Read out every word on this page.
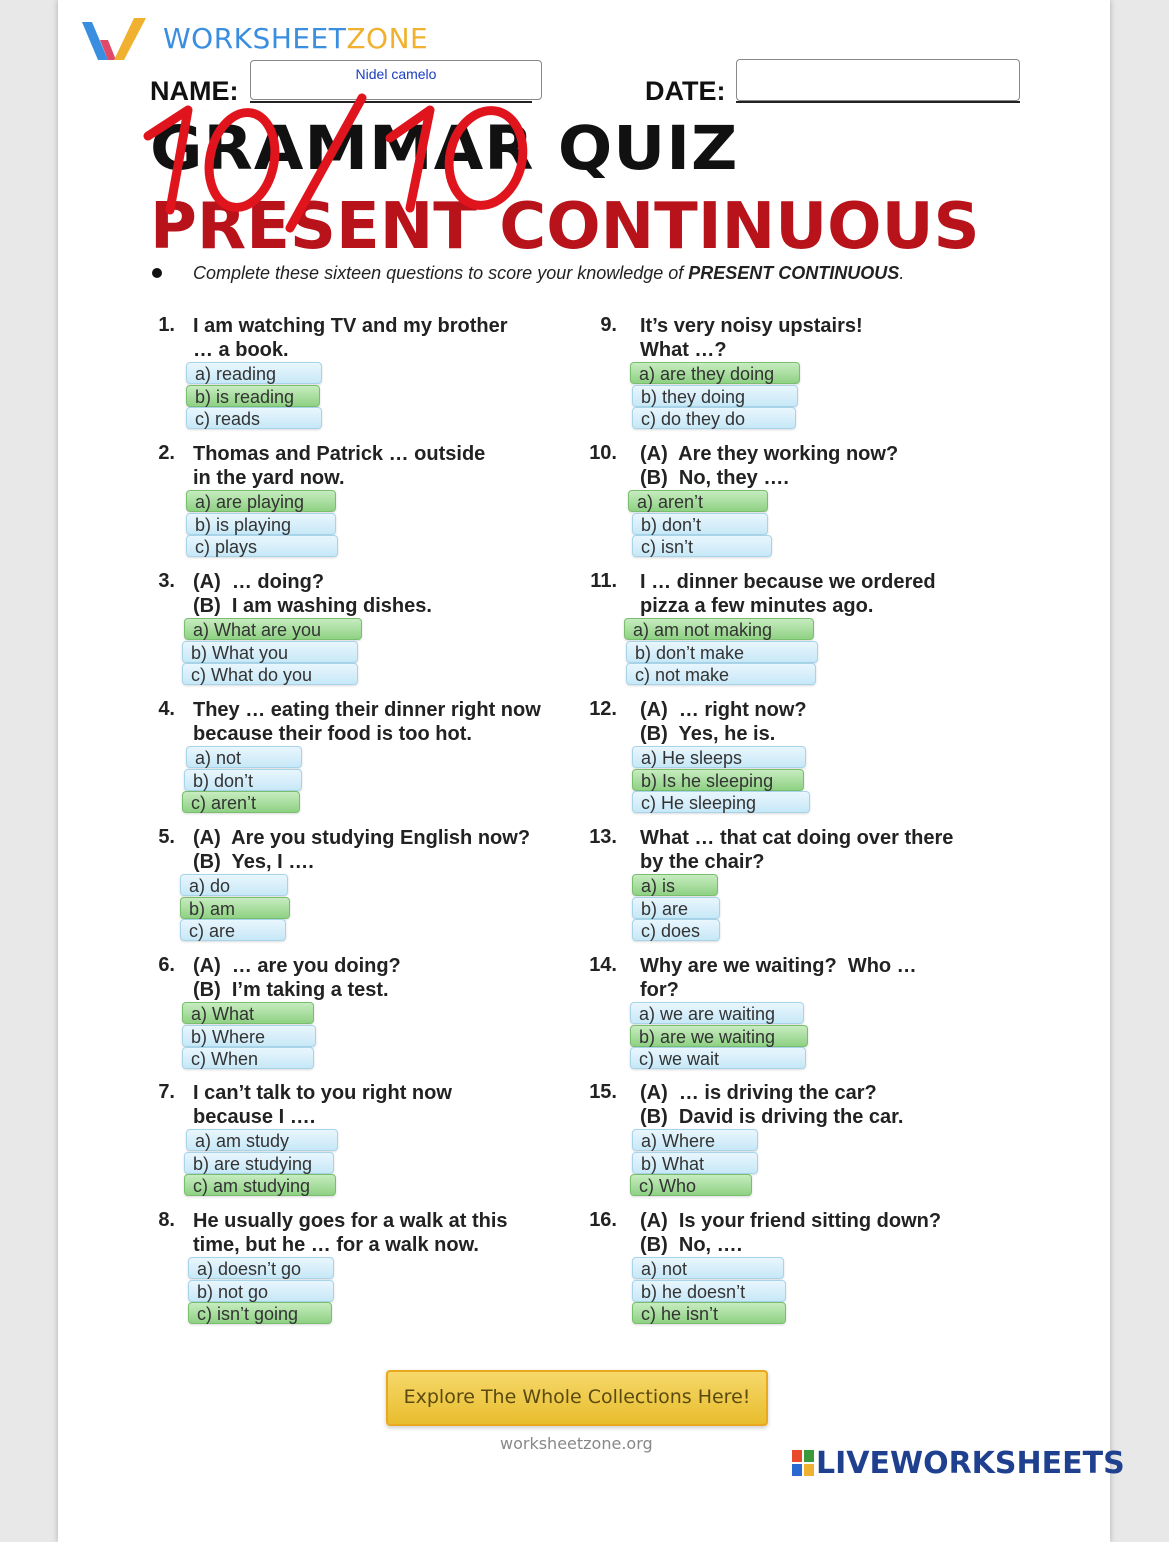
WORKSHEETZONE
NAME:
Nidel camelo
DATE:
GRAMMAR QUIZ
PRESENT CONTINUOUS
Complete these sixteen questions to score your knowledge of PRESENT CONTINUOUS.
1. I am watching TV and my brother
… a book.
a) reading
b) is reading
c) reads
2. Thomas and Patrick … outside
in the yard now.
a) are playing
b) is playing
c) plays
3. (A)  … doing?
(B)  I am washing dishes.
a) What are you
b) What you
c) What do you
4. They … eating their dinner right now
because their food is too hot.
a) not
b) don’t
c) aren’t
5. (A)  Are you studying English now?
(B)  Yes, I ….
a) do
b) am
c) are
6. (A)  … are you doing?
(B)  I’m taking a test.
a) What
b) Where
c) When
7. I can’t talk to you right now
because I ….
a) am study
b) are studying
c) am studying
8. He usually goes for a walk at this
time, but he … for a walk now.
a) doesn’t go
b) not go
c) isn’t going
9. It’s very noisy upstairs!
What …?
a) are they doing
b) they doing
c) do they do
10. (A)  Are they working now?
(B)  No, they ….
a) aren’t
b) don’t
c) isn’t
11. I … dinner because we ordered
pizza a few minutes ago.
a) am not making
b) don’t make
c) not make
12. (A)  … right now?
(B)  Yes, he is.
a) He sleeps
b) Is he sleeping
c) He sleeping
13. What … that cat doing over there
by the chair?
a) is
b) are
c) does
14. Why are we waiting?  Who …
for?
a) we are waiting
b) are we waiting
c) we wait
15. (A)  … is driving the car?
(B)  David is driving the car.
a) Where
b) What
c) Who
16. (A)  Is your friend sitting down?
(B)  No, ….
a) not
b) he doesn’t
c) he isn’t
Explore The Whole Collections Here!
worksheetzone.org
LIVEWORKSHEETS
